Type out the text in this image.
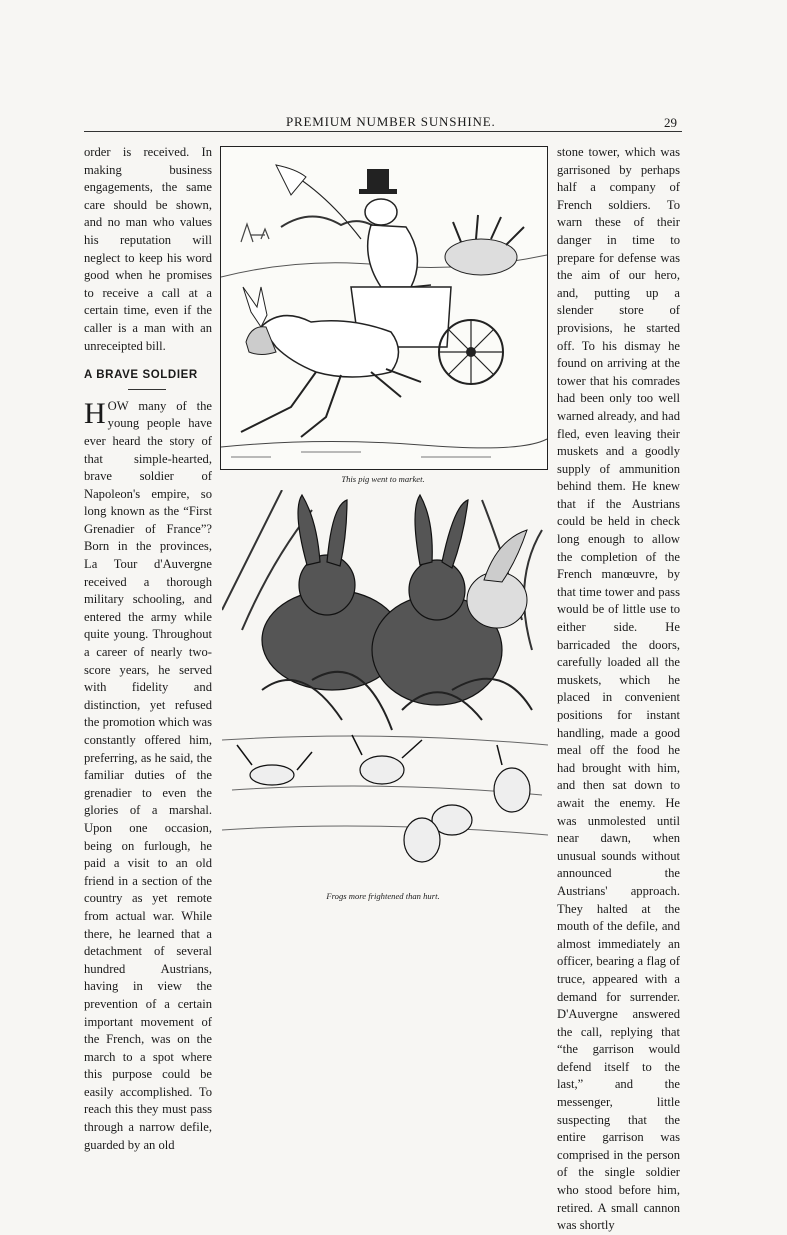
PREMIUM NUMBER SUNSHINE.	29

order is received. In making business engagements, the same care should be shown, and no man who values his reputation will neglect to keep his word good when he promises to receive a call at a certain time, even if the caller is a man with an unreceipted bill.

A BRAVE SOLDIER

HOW many of the young people have ever heard the story of that simple-hearted, brave soldier of Napoleon's empire, so long known as the “First Grenadier of France”? Born in the provinces, La Tour d'Auvergne received a thorough military schooling, and entered the army while quite young. Throughout a career of nearly two-score years, he served with fidelity and distinction, yet refused the promotion which was constantly offered him, preferring, as he said, the familiar duties of the grenadier to even the glories of a marshal. Upon one occasion, being on furlough, he paid a visit to an old friend in a section of the country as yet remote from actual war. While there, he learned that a detachment of several hundred Austrians, having in view the prevention of a certain important movement of the French, was on the march to a spot where this purpose could be easily accomplished. To reach this they must pass through a narrow defile, guarded by an old

This pig went to market.
Frogs more frightened than hurt.

stone tower, which was garrisoned by perhaps half a company of French soldiers. To warn these of their danger in time to prepare for defense was the aim of our hero, and, putting up a slender store of provisions, he started off. To his dismay he found on arriving at the tower that his comrades had been only too well warned already, and had fled, even leaving their muskets and a goodly supply of ammunition behind them. He knew that if the Austrians could be held in check long enough to allow the completion of the French manœuvre, by that time tower and pass would be of little use to either side. He barricaded the doors, carefully loaded all the muskets, which he placed in convenient positions for instant handling, made a good meal off the food he had brought with him, and then sat down to await the enemy. He was unmolested until near dawn, when unusual sounds without announced the Austrians' approach. They halted at the mouth of the defile, and almost immediately an officer, bearing a flag of truce, appeared with a demand for surrender. D'Auvergne answered the call, replying that “the garrison would defend itself to the last,” and the messenger, little suspecting that the entire garrison was comprised in the person of the single soldier who stood before him, retired. A small cannon was shortly
